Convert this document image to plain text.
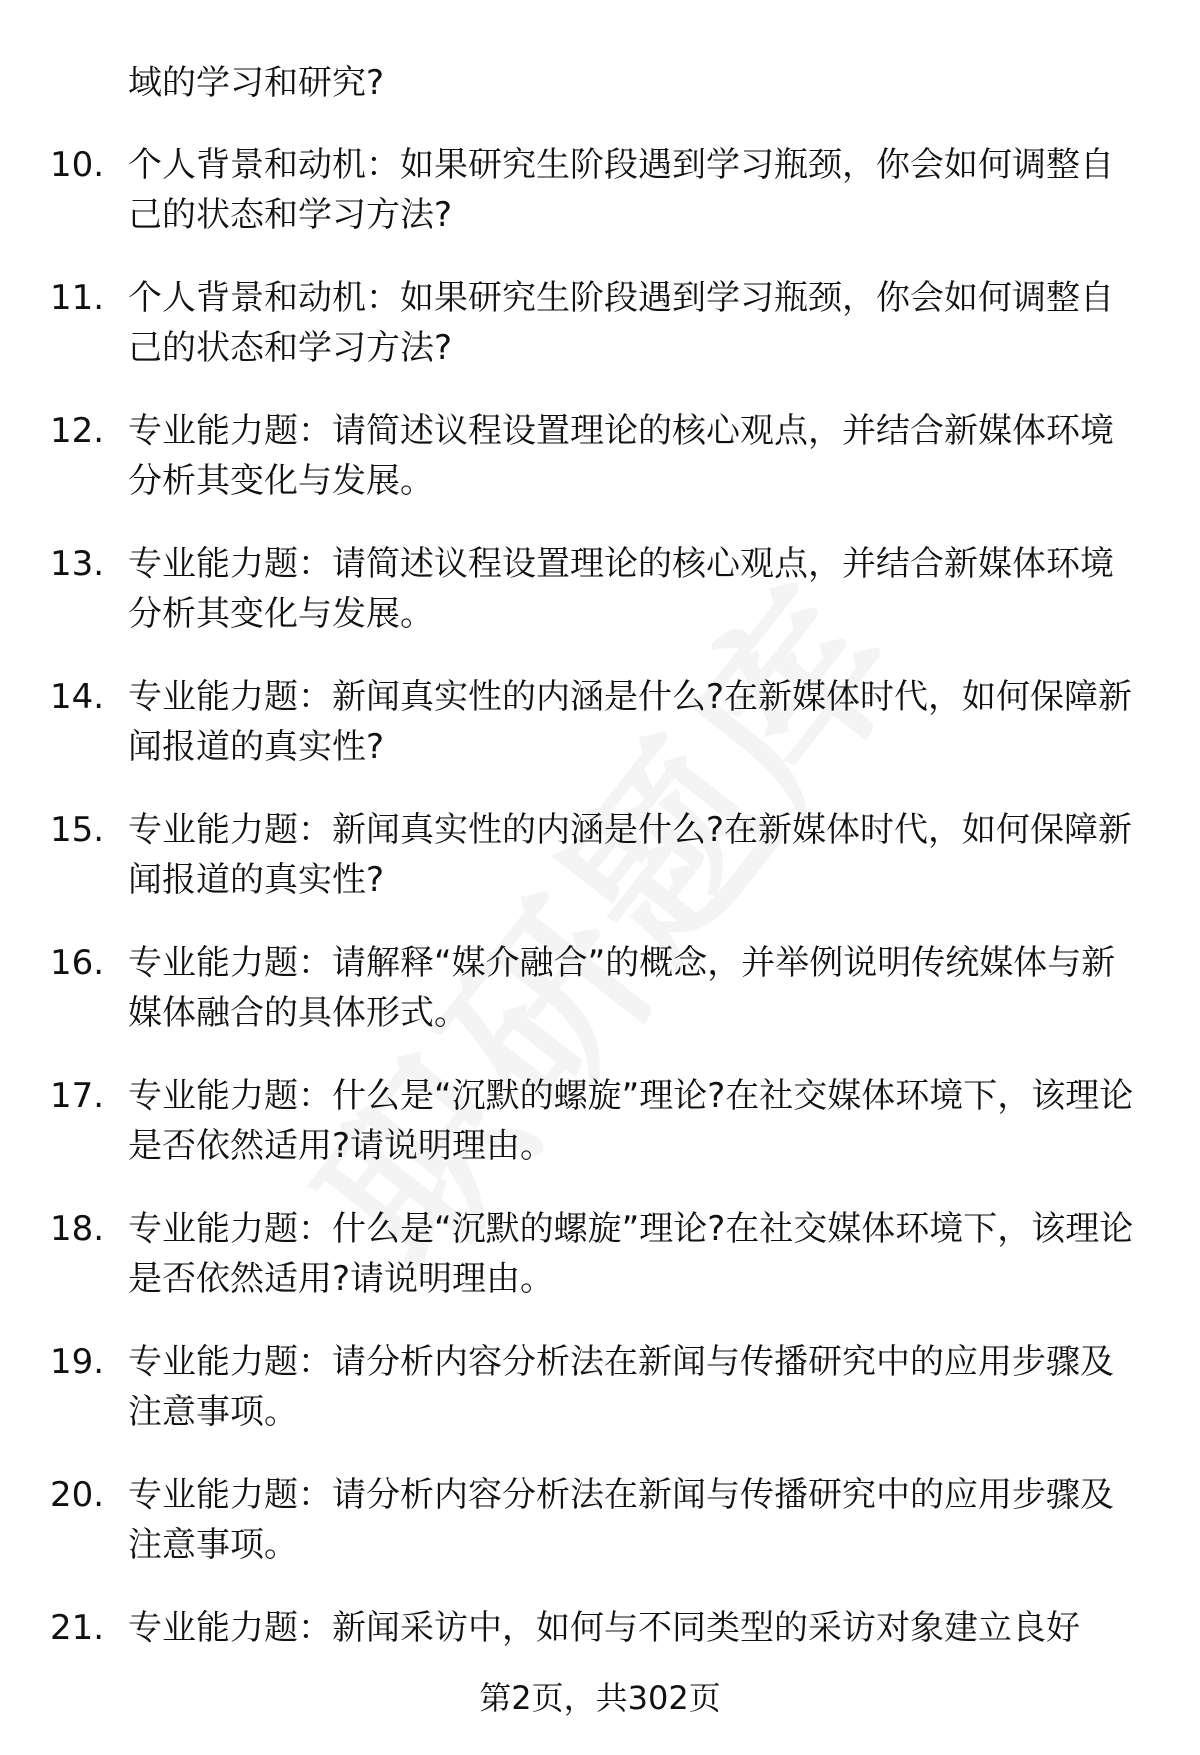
域的学习和研究?
10. 个人背景和动机：如果研究生阶段遇到学习瓶颈，你会如何调整自己的状态和学习方法?
11. 个人背景和动机：如果研究生阶段遇到学习瓶颈，你会如何调整自己的状态和学习方法?
12. 专业能力题：请简述议程设置理论的核心观点，并结合新媒体环境分析其变化与发展。
13. 专业能力题：请简述议程设置理论的核心观点，并结合新媒体环境分析其变化与发展。
14. 专业能力题：新闻真实性的内涵是什么?在新媒体时代，如何保障新闻报道的真实性?
15. 专业能力题：新闻真实性的内涵是什么?在新媒体时代，如何保障新闻报道的真实性?
16. 专业能力题：请解释“媒介融合”的概念，并举例说明传统媒体与新媒体融合的具体形式。
17. 专业能力题：什么是“沉默的螺旋”理论?在社交媒体环境下，该理论是否依然适用?请说明理由。
18. 专业能力题：什么是“沉默的螺旋”理论?在社交媒体环境下，该理论是否依然适用?请说明理由。
19. 专业能力题：请分析内容分析法在新闻与传播研究中的应用步骤及注意事项。
20. 专业能力题：请分析内容分析法在新闻与传播研究中的应用步骤及注意事项。
21. 专业能力题：新闻采访中，如何与不同类型的采访对象建立良好
第2页，共302页
